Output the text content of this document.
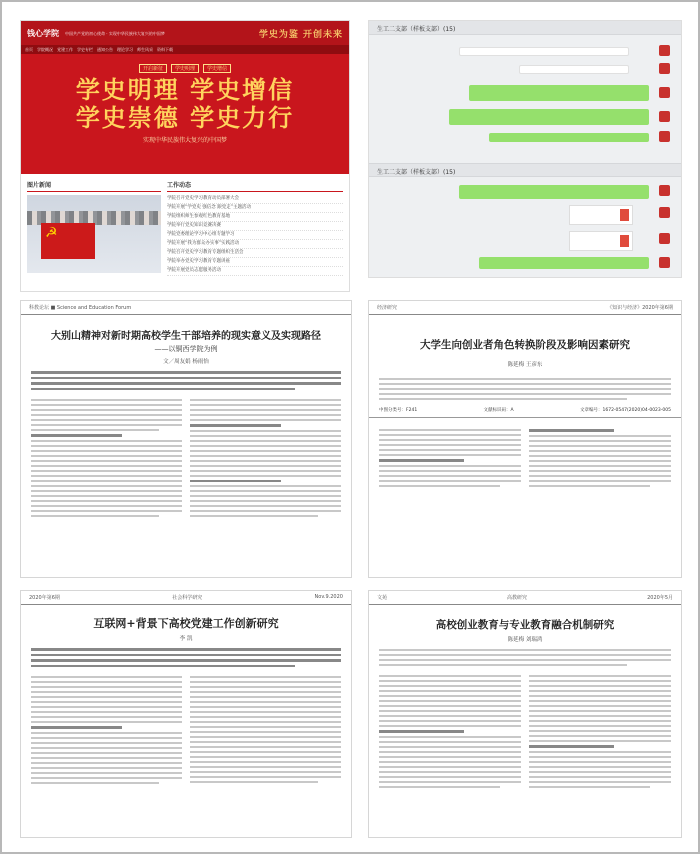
钱心学院 中国共产党的初心使命 · 实现中华民族伟大复兴的中国梦	学史为鉴 开创未来
首页 学院概况 党建工作 学史专栏 通知公告 理论学习 师生风采 资料下载
开启新征	学史明理	学史增信
学史明理 学史增信
学史崇德 学史力行
实现中华民族伟大复兴的中国梦
图片新闻
☭	工作动态
学院召开党史学习教育动员部署大会
学院开展“学党史 强信念 跟党走”主题活动
学院组织师生参观红色教育基地
学院举行党史知识竞赛决赛
学院党委理论学习中心组专题学习
学院开展“我为群众办实事”实践活动
学院召开党史学习教育专题组织生活会
学院举办党史学习教育专题讲座
学院开展党员志愿服务活动
生工二支部（样板支部）(15)
生工二支部（样板支部）(15)
科教论坛 ■ Science and Education Forum
大别山精神对新时期高校学生干部培养的现实意义及实现路径
——以铜西学院为例
文／周友娟 杨雨怡
经济研究	《知识与经济》2020年第6期
大学生向创业者角色转换阶段及影响因素研究
陈延梅 王彦东
中图分类号：F241	文献标识码：A	文章编号：1672-0547(2020)04-0023-005
2020年第6期	社会科学研究	Nov.9.2020
互联网+背景下高校党建工作创新研究
李 凯
文苑	高教研究	2020年5月
高校创业教育与专业教育融合机制研究
陈延梅 刘瑞鸿
